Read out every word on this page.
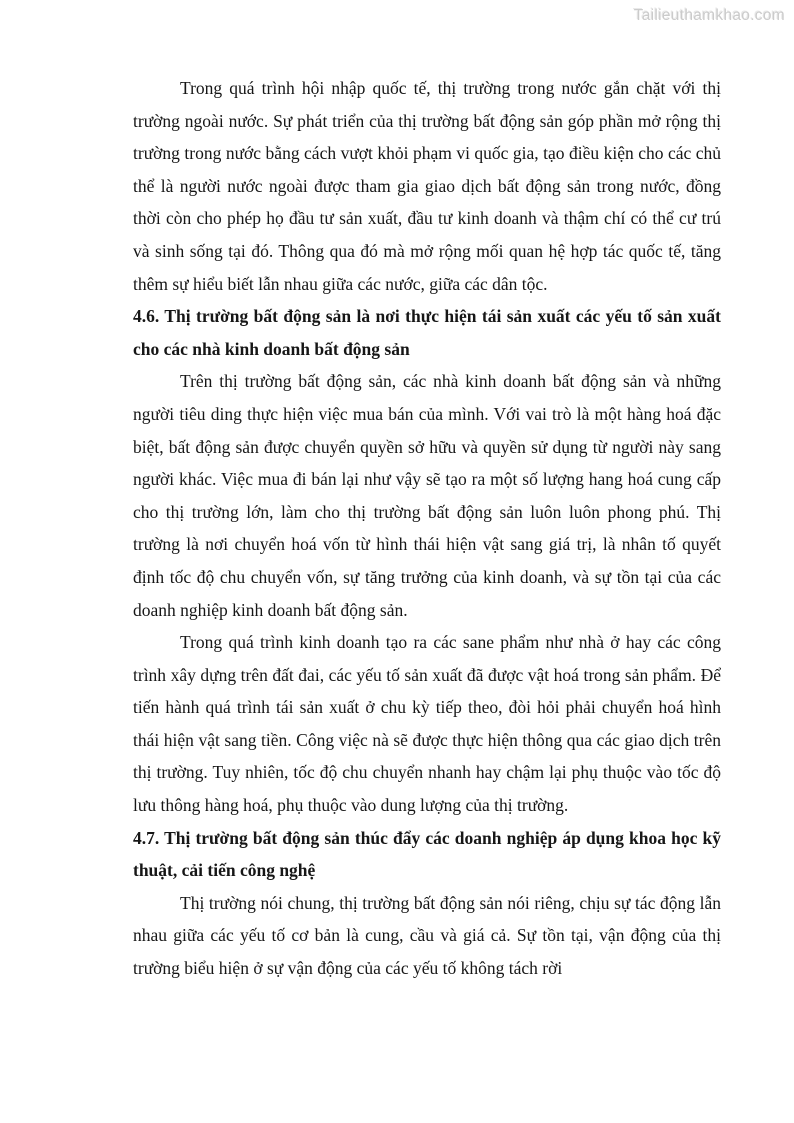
Tailieuthamkhao.com

Trong quá trình hội nhập quốc tế, thị trường trong nước gắn chặt với thị trường ngoài nước. Sự phát triển của thị trường bất động sản góp phần mở rộng thị trường trong nước bằng cách vượt khỏi phạm vi quốc gia, tạo điều kiện cho các chủ thể là người nước ngoài được tham gia giao dịch bất động sản trong nước, đồng thời còn cho phép họ đầu tư sản xuất, đầu tư kinh doanh và thậm chí có thể cư trú và sinh sống tại đó. Thông qua đó mà mở rộng mối quan hệ hợp tác quốc tế, tăng thêm sự hiểu biết lẫn nhau giữa các nước, giữa các dân tộc.

4.6. Thị trường bất động sản là nơi thực hiện tái sản xuất các yếu tố sản xuất cho các nhà kinh doanh bất động sản

Trên thị trường bất động sản, các nhà kinh doanh bất động sản và những người tiêu ding thực hiện việc mua bán của mình. Với vai trò là một hàng hoá đặc biệt, bất động sản được chuyển quyền sở hữu và quyền sử dụng từ người này sang người khác. Việc mua đi bán lại như vậy sẽ tạo ra một số lượng hang hoá cung cấp cho thị trường lớn, làm cho thị trường bất động sản luôn luôn phong phú. Thị trường là nơi chuyển hoá vốn từ hình thái hiện vật sang giá trị, là nhân tố quyết định tốc độ chu chuyển vốn, sự tăng trưởng của kinh doanh, và sự tồn tại của các doanh nghiệp kinh doanh bất động sản.

Trong quá trình kinh doanh tạo ra các sane phẩm như nhà ở hay các công trình xây dựng trên đất đai, các yếu tố sản xuất đã được vật hoá trong sản phẩm. Để tiến hành quá trình tái sản xuất ở chu kỳ tiếp theo, đòi hỏi phải chuyển hoá hình thái hiện vật sang tiền. Công việc nà sẽ được thực hiện thông qua các giao dịch trên thị trường. Tuy nhiên, tốc độ chu chuyển nhanh hay chậm lại phụ thuộc vào tốc độ lưu thông hàng hoá, phụ thuộc vào dung lượng của thị trường.

4.7. Thị trường bất động sản thúc đẩy các doanh nghiệp áp dụng khoa học kỹ thuật, cải tiến công nghệ

Thị trường nói chung, thị trường bất động sản nói riêng, chịu sự tác động lẫn nhau giữa các yếu tố cơ bản là cung, cầu và giá cả. Sự tồn tại, vận động của thị trường biểu hiện ở sự vận động của các yếu tố không tách rời
